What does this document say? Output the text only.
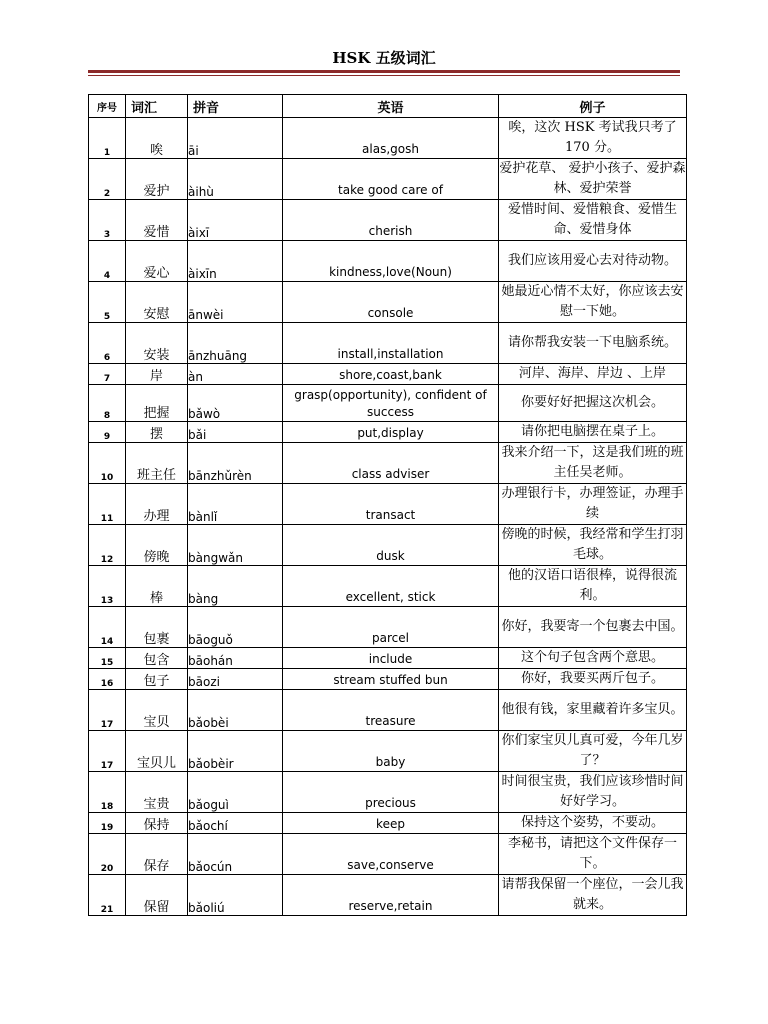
HSK 五级词汇
序号	词汇	拼音	英语	例子
1	唉	āi	alas,gosh	唉，这次 HSK 考试我只考了 170 分。
2	爱护	àihù	take good care of	爱护花草、 爱护小孩子、爱护森林、爱护荣誉
3	爱惜	àixī	cherish	爱惜时间、爱惜粮食、爱惜生命、爱惜身体
4	爱心	àixīn	kindness,love(Noun)	我们应该用爱心去对待动物。
5	安慰	ānwèi	console	她最近心情不太好，你应该去安慰一下她。
6	安装	ānzhuāng	install,installation	请你帮我安装一下电脑系统。
7	岸	àn	shore,coast,bank	河岸、海岸、岸边 、上岸
8	把握	bǎwò	grasp(opportunity), confident of success	你要好好把握这次机会。
9	摆	bǎi	put,display	请你把电脑摆在桌子上。
10	班主任	bānzhǔrèn	class adviser	我来介绍一下，这是我们班的班主任吴老师。
11	办理	bànlǐ	transact	办理银行卡，办理签证，办理手续
12	傍晚	bàngwǎn	dusk	傍晚的时候，我经常和学生打羽毛球。
13	棒	bàng	excellent, stick	他的汉语口语很棒，说得很流利。
14	包裹	bāoguǒ	parcel	你好，我要寄一个包裹去中国。
15	包含	bāohán	include	这个句子包含两个意思。
16	包子	bāozi	stream stuffed bun	你好，我要买两斤包子。
17	宝贝	bǎobèi	treasure	他很有钱，家里藏着许多宝贝。
17	宝贝儿	bǎobèir	baby	你们家宝贝儿真可爱，今年几岁了？
18	宝贵	bǎoguì	precious	时间很宝贵，我们应该珍惜时间好好学习。
19	保持	bǎochí	keep	保持这个姿势，不要动。
20	保存	bǎocún	save,conserve	李秘书，请把这个文件保存一下。
21	保留	bǎoliú	reserve,retain	请帮我保留一个座位，一会儿我就来。
